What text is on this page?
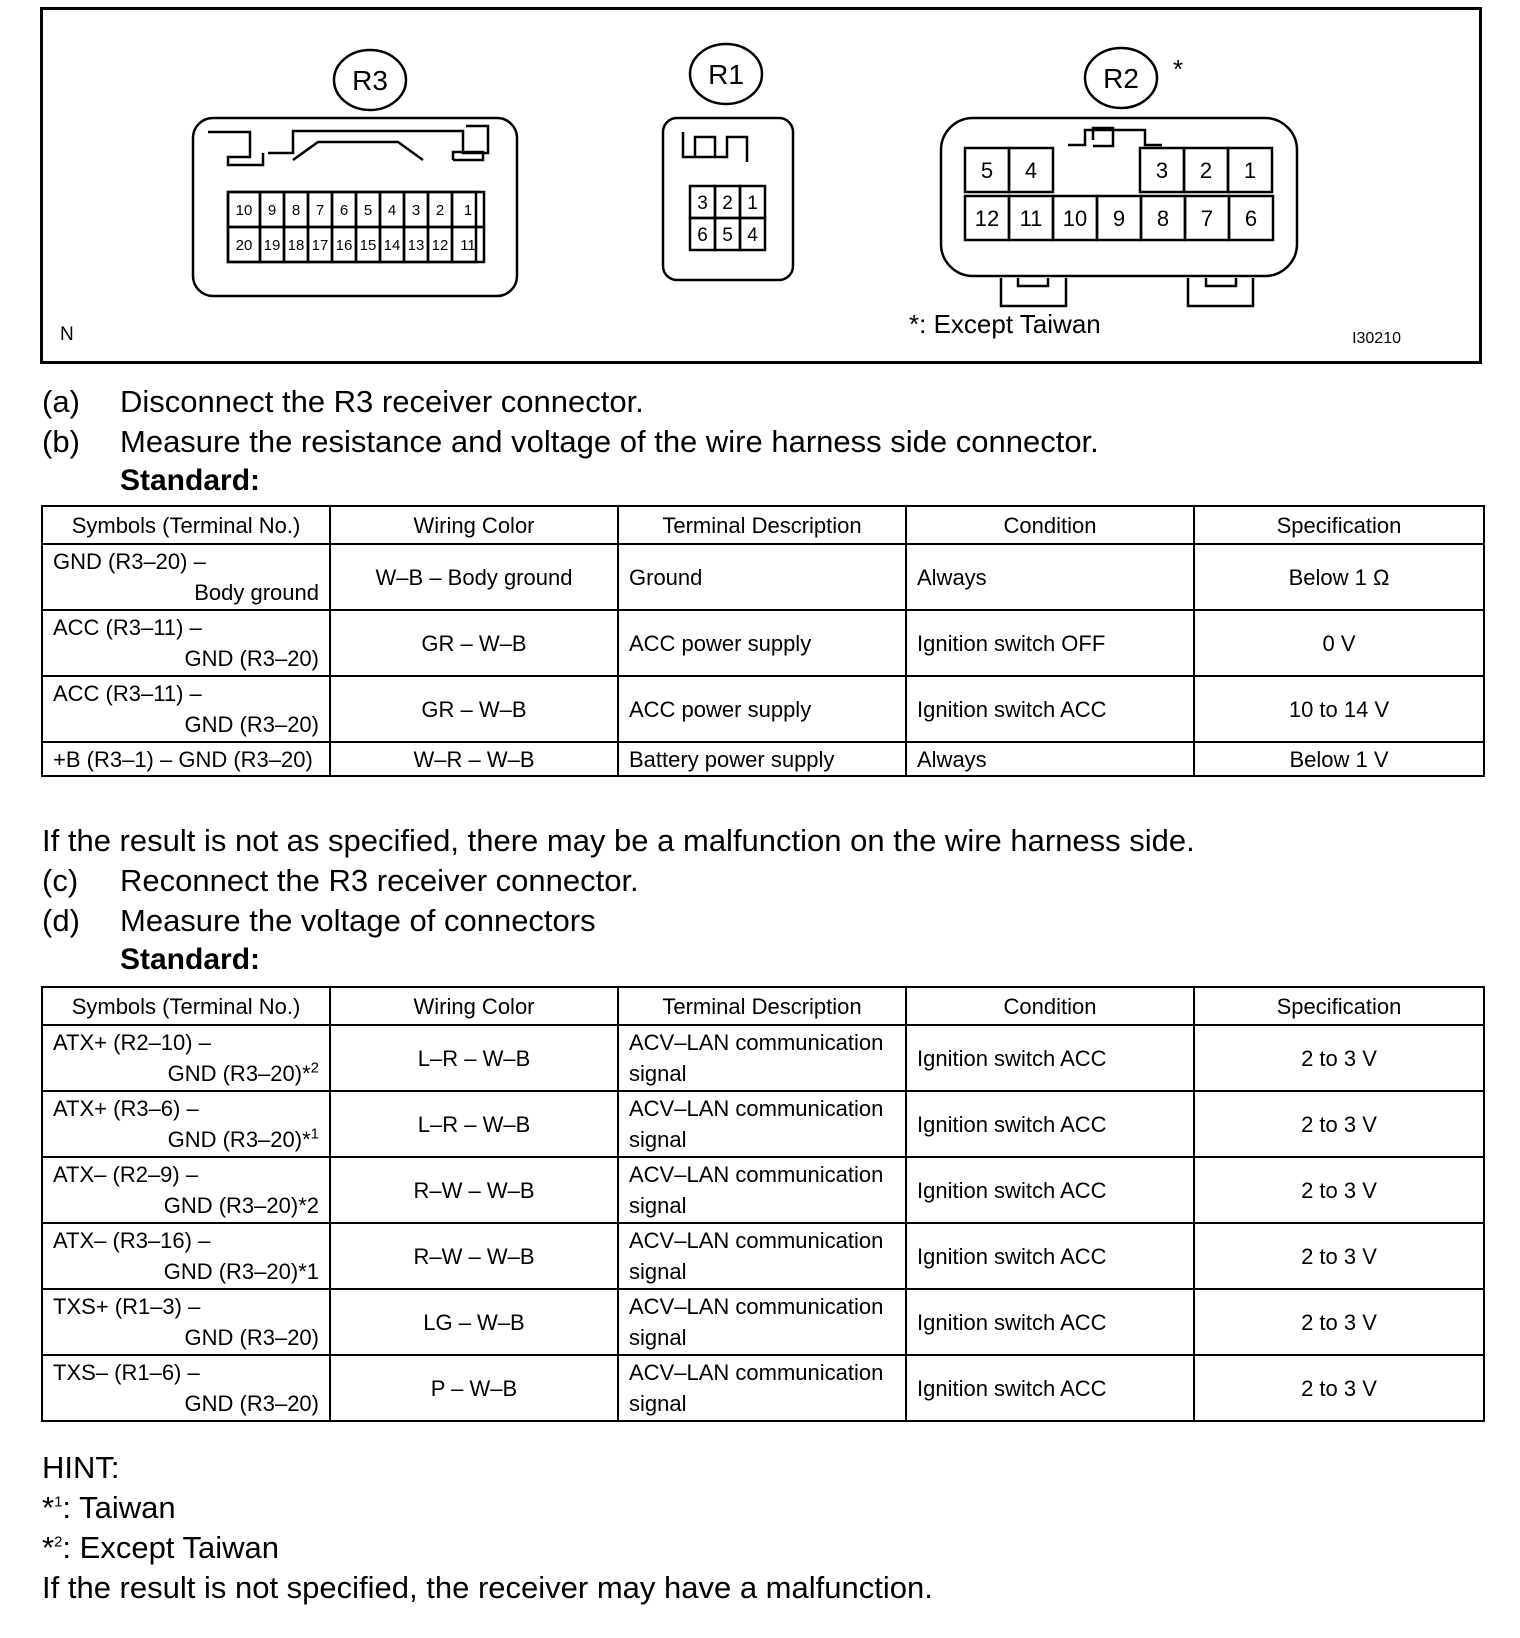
R3
10 9 8 7 6 5 4 3 2 1
20 19 18 17 16 15 14 13 12 11
R1
3 2 1
6 5 4
R2 *
5 4	3 2 1
12 11 10 9 8 7 6
N	*: Except Taiwan	I30210
(a) Disconnect the R3 receiver connector.
(b) Measure the resistance and voltage of the wire harness side connector.
Standard:
Symbols (Terminal No.)	Wiring Color	Terminal Description	Condition	Specification
GND (R3–20) –
Body ground	W–B – Body ground	Ground	Always	Below 1 Ω
ACC (R3–11) –
GND (R3–20)	GR – W–B	ACC power supply	Ignition switch OFF	0 V
ACC (R3–11) –
GND (R3–20)	GR – W–B	ACC power supply	Ignition switch ACC	10 to 14 V
+B (R3–1) – GND (R3–20)	W–R – W–B	Battery power supply	Always	Below 1 V
If the result is not as specified, there may be a malfunction on the wire harness side.
(c) Reconnect the R3 receiver connector.
(d) Measure the voltage of connectors
Standard:
Symbols (Terminal No.)	Wiring Color	Terminal Description	Condition	Specification
ATX+ (R2–10) –
GND (R3–20)*$^2$	L–R – W–B	ACV–LAN communication
signal	Ignition switch ACC	2 to 3 V
ATX+ (R3–6) –
GND (R3–20)*$^1$	L–R – W–B	ACV–LAN communication
signal	Ignition switch ACC	2 to 3 V
ATX– (R2–9) –
GND (R3–20)*2	R–W – W–B	ACV–LAN communication
signal	Ignition switch ACC	2 to 3 V
ATX– (R3–16) –
GND (R3–20)*1	R–W – W–B	ACV–LAN communication
signal	Ignition switch ACC	2 to 3 V
TXS+ (R1–3) –
GND (R3–20)	LG – W–B	ACV–LAN communication
signal	Ignition switch ACC	2 to 3 V
TXS– (R1–6) –
GND (R3–20)	P – W–B	ACV–LAN communication
signal	Ignition switch ACC	2 to 3 V
HINT:
*$^1$: Taiwan
*$^2$: Except Taiwan
If the result is not specified, the receiver may have a malfunction.
